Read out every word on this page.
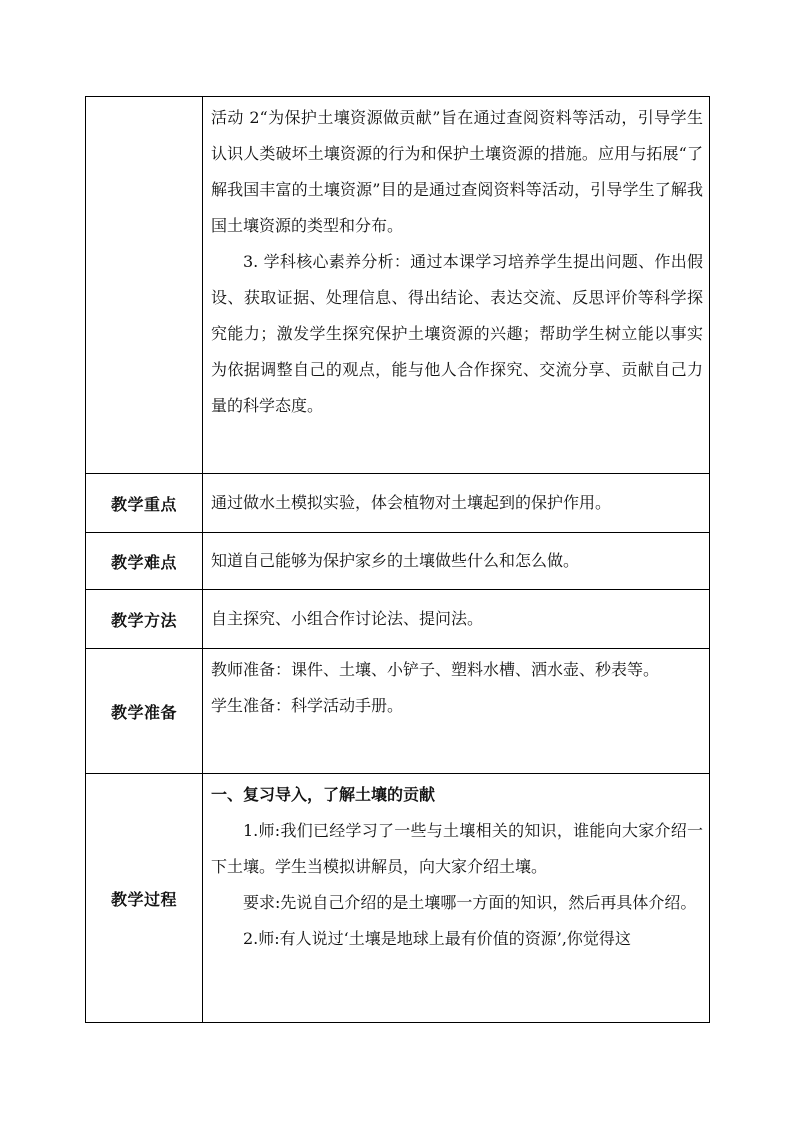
	活动 2“为保护土壤资源做贡献”旨在通过查阅资料等活动，引导学生认识人类破坏土壤资源的行为和保护土壤资源的措施。应用与拓展“了解我国丰富的土壤资源”目的是通过查阅资料等活动，引导学生了解我国土壤资源的类型和分布。

3. 学科核心素养分析：通过本课学习培养学生提出问题、作出假设、获取证据、处理信息、得出结论、表达交流、反思评价等科学探究能力；激发学生探究保护土壤资源的兴趣；帮助学生树立能以事实为依据调整自己的观点，能与他人合作探究、交流分享、贡献自己力量的科学态度。

教学重点	通过做水土模拟实验，体会植物对土壤起到的保护作用。

教学难点	知道自己能够为保护家乡的土壤做些什么和怎么做。

教学方法	自主探究、小组合作讨论法、提问法。

教学准备	教师准备：课件、土壤、小铲子、塑料水槽、洒水壶、秒表等。

学生准备：科学活动手册。

教学过程	一、复习导入，了解土壤的贡献

1.师:我们已经学习了一些与土壤相关的知识，谁能向大家介绍一下土壤。学生当模拟讲解员，向大家介绍土壤。

要求:先说自己介绍的是土壤哪一方面的知识，然后再具体介绍。

2.师:有人说过‘土壤是地球上最有价值的资源’,你觉得这
